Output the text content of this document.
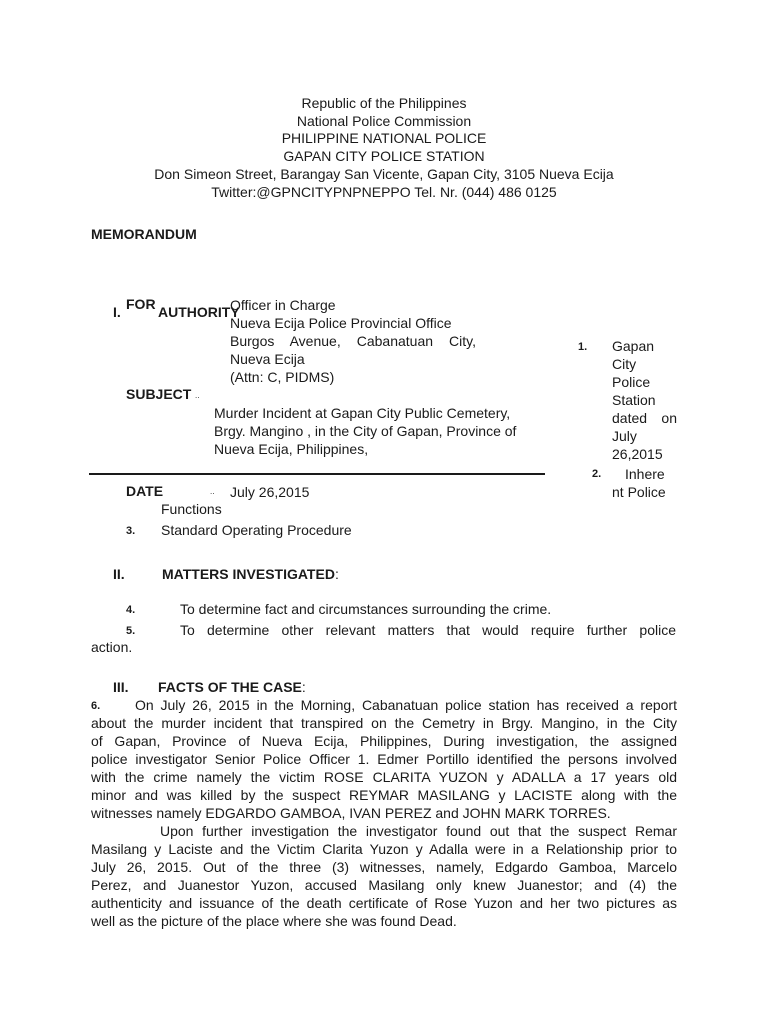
Republic of the Philippines
National Police Commission
PHILIPPINE NATIONAL POLICE
GAPAN CITY POLICE STATION
Don Simeon Street, Barangay San Vicente, Gapan City, 3105 Nueva Ecija
Twitter:@GPNCITYPNPNEPPO Tel. Nr. (044) 486 0125
MEMORANDUM
I. FOR AUTHORITY
Officer in Charge
Nueva Ecija Police Provincial Office
Burgos Avenue, Cabanatuan City,
Nueva Ecija
(Attn: C, PIDMS)
1. Gapan
City
Police
Station
dated on
July
26,2015
2. Inhere
nt Police
SUBJECT ..
Murder Incident at Gapan City Public Cemetery,
Brgy. Mangino , in the City of Gapan, Province of
Nueva Ecija, Philippines,
DATE	.. July 26,2015
Functions
3. Standard Operating Procedure
II.	MATTERS INVESTIGATED:
4.	To determine fact and circumstances surrounding the crime.
5.	To determine other relevant matters that would require further police
action.
III. FACTS OF THE CASE:
6.	On July 26, 2015 in the Morning, Cabanatuan police station has received a report
about the murder incident that transpired on the Cemetry in Brgy. Mangino, in the City
of Gapan, Province of Nueva Ecija, Philippines, During investigation, the assigned
police investigator Senior Police Officer 1. Edmer Portillo identified the persons involved
with the crime namely the victim ROSE CLARITA YUZON y ADALLA a 17 years old
minor and was killed by the suspect REYMAR MASILANG y LACISTE along with the
witnesses namely EDGARDO GAMBOA, IVAN PEREZ and JOHN MARK TORRES.
Upon further investigation the investigator found out that the suspect Remar
Masilang y Laciste and the Victim Clarita Yuzon y Adalla were in a Relationship prior to
July 26, 2015. Out of the three (3) witnesses, namely, Edgardo Gamboa, Marcelo
Perez, and Juanestor Yuzon, accused Masilang only knew Juanestor; and (4) the
authenticity and issuance of the death certificate of Rose Yuzon and her two pictures as
well as the picture of the place where she was found Dead.
